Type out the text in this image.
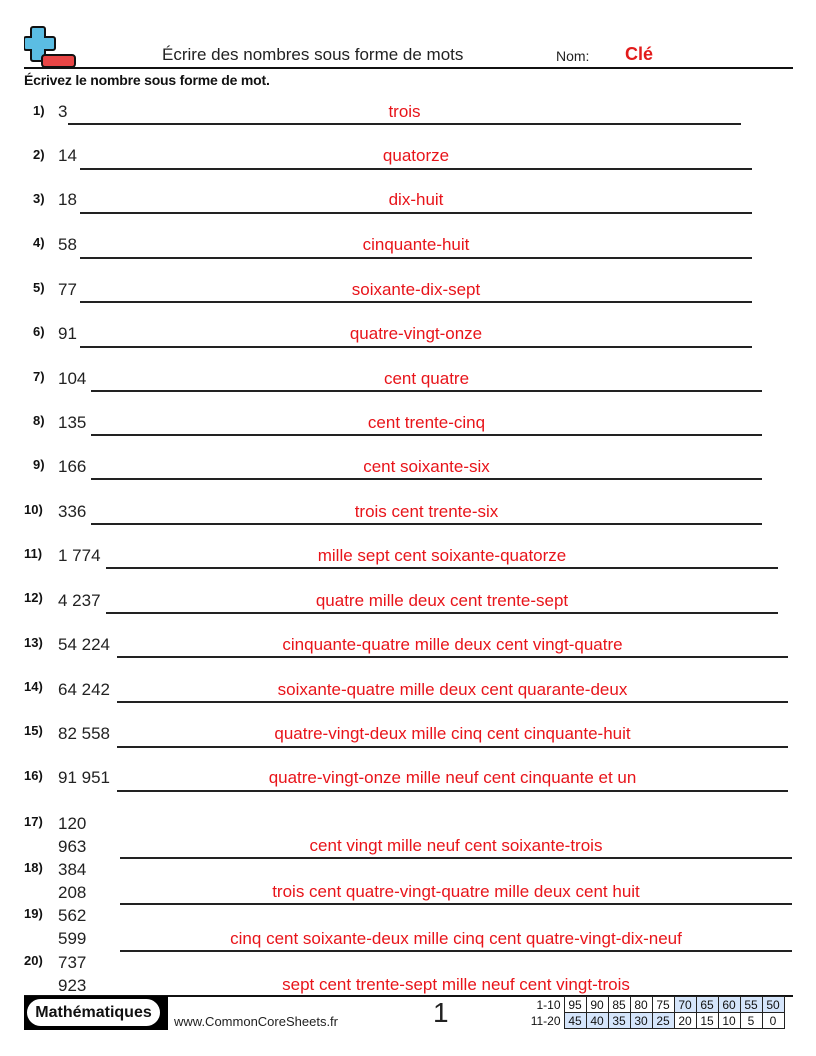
Écrire des nombres sous forme de mots	Nom: Clé
Écrivez le nombre sous forme de mot.
1) 3	trois
2) 14	quatorze
3) 18	dix-huit
4) 58	cinquante-huit
5) 77	soixante-dix-sept
6) 91	quatre-vingt-onze
7) 104	cent quatre
8) 135	cent trente-cinq
9) 166	cent soixante-six
10) 336	trois cent trente-six
11) 1 774	mille sept cent soixante-quatorze
12) 4 237	quatre mille deux cent trente-sept
13) 54 224	cinquante-quatre mille deux cent vingt-quatre
14) 64 242	soixante-quatre mille deux cent quarante-deux
15) 82 558	quatre-vingt-deux mille cinq cent cinquante-huit
16) 91 951	quatre-vingt-onze mille neuf cent cinquante et un
17) 120
963	cent vingt mille neuf cent soixante-trois
18) 384
208	trois cent quatre-vingt-quatre mille deux cent huit
19) 562
599	cinq cent soixante-deux mille cinq cent quatre-vingt-dix-neuf
20) 737
923	sept cent trente-sept mille neuf cent vingt-trois
Mathématiques
www.CommonCoreSheets.fr	1	1-10	95	90	85	80	75	70	65	60	55	50
11-20	45	40	35	30	25	20	15	10	5	0
